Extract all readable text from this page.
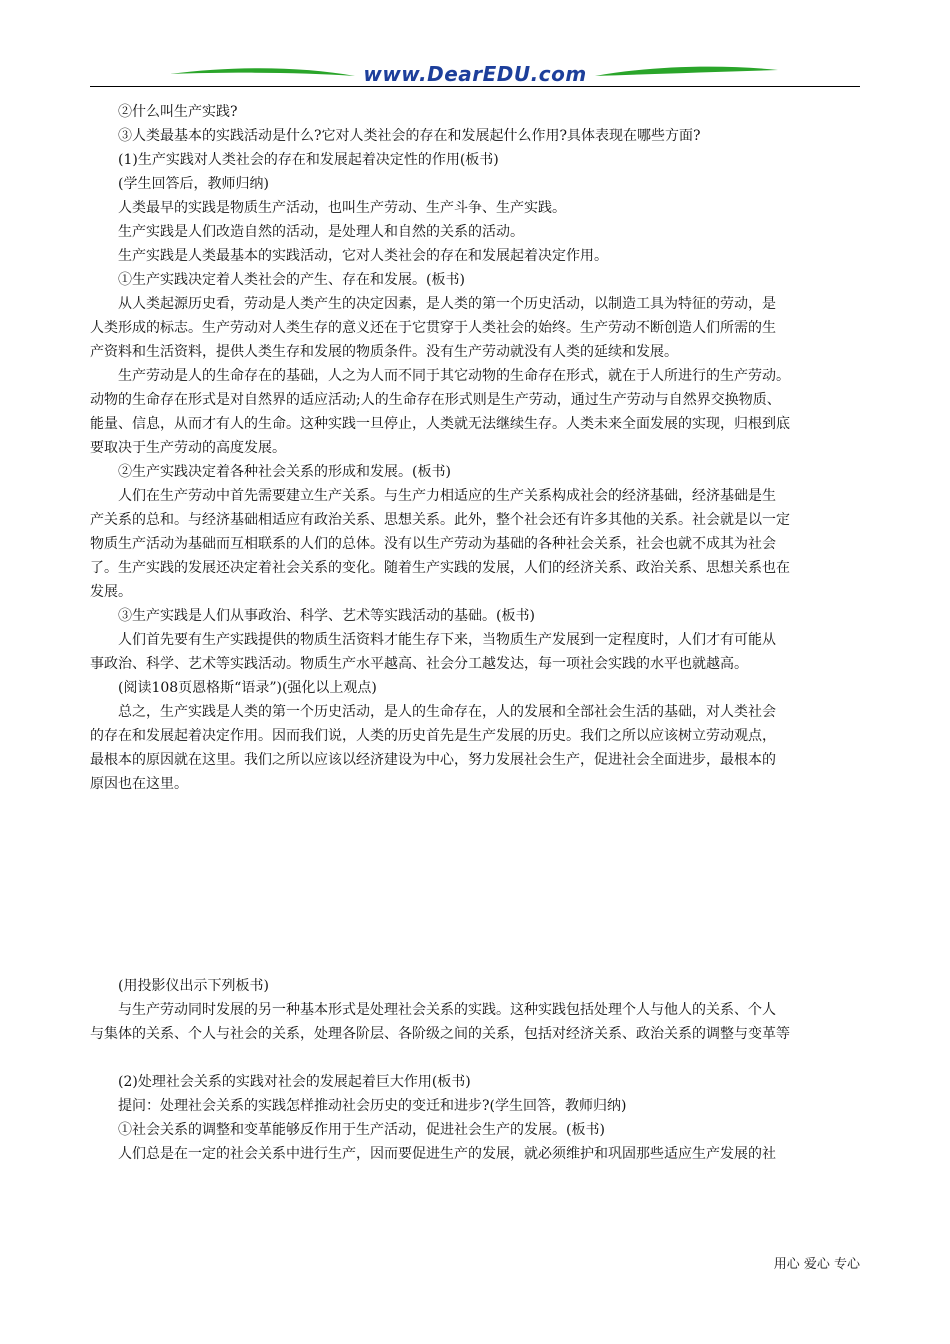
www.DearEDU.com

②什么叫生产实践?

③人类最基本的实践活动是什么?它对人类社会的存在和发展起什么作用?具体表现在哪些方面?

(1)生产实践对人类社会的存在和发展起着决定性的作用(板书)

(学生回答后，教师归纳)

人类最早的实践是物质生产活动，也叫生产劳动、生产斗争、生产实践。

生产实践是人们改造自然的活动，是处理人和自然的关系的活动。

生产实践是人类最基本的实践活动，它对人类社会的存在和发展起着决定作用。

①生产实践决定着人类社会的产生、存在和发展。(板书)

从人类起源历史看，劳动是人类产生的决定因素，是人类的第一个历史活动，以制造工具为特征的劳动，是

人类形成的标志。生产劳动对人类生存的意义还在于它贯穿于人类社会的始终。生产劳动不断创造人们所需的生

产资料和生活资料，提供人类生存和发展的物质条件。没有生产劳动就没有人类的延续和发展。

生产劳动是人的生命存在的基础，人之为人而不同于其它动物的生命存在形式，就在于人所进行的生产劳动。

动物的生命存在形式是对自然界的适应活动;人的生命存在形式则是生产劳动，通过生产劳动与自然界交换物质、

能量、信息，从而才有人的生命。这种实践一旦停止，人类就无法继续生存。人类未来全面发展的实现，归根到底

要取决于生产劳动的高度发展。

②生产实践决定着各种社会关系的形成和发展。(板书)

人们在生产劳动中首先需要建立生产关系。与生产力相适应的生产关系构成社会的经济基础，经济基础是生

产关系的总和。与经济基础相适应有政治关系、思想关系。此外，整个社会还有许多其他的关系。社会就是以一定

物质生产活动为基础而互相联系的人们的总体。没有以生产劳动为基础的各种社会关系，社会也就不成其为社会

了。生产实践的发展还决定着社会关系的变化。随着生产实践的发展，人们的经济关系、政治关系、思想关系也在

发展。

③生产实践是人们从事政治、科学、艺术等实践活动的基础。(板书)

人们首先要有生产实践提供的物质生活资料才能生存下来，当物质生产发展到一定程度时，人们才有可能从

事政治、科学、艺术等实践活动。物质生产水平越高、社会分工越发达，每一项社会实践的水平也就越高。

(阅读108页恩格斯“语录”)(强化以上观点)

总之，生产实践是人类的第一个历史活动，是人的生命存在，人的发展和全部社会生活的基础，对人类社会

的存在和发展起着决定作用。因而我们说，人类的历史首先是生产发展的历史。我们之所以应该树立劳动观点，

最根本的原因就在这里。我们之所以应该以经济建设为中心，努力发展社会生产，促进社会全面进步，最根本的

原因也在这里。

(用投影仪出示下列板书)

与生产劳动同时发展的另一种基本形式是处理社会关系的实践。这种实践包括处理个人与他人的关系、个人

与集体的关系、个人与社会的关系，处理各阶层、各阶级之间的关系，包括对经济关系、政治关系的调整与变革等

(2)处理社会关系的实践对社会的发展起着巨大作用(板书)

提问：处理社会关系的实践怎样推动社会历史的变迁和进步?(学生回答，教师归纳)

①社会关系的调整和变革能够反作用于生产活动，促进社会生产的发展。(板书)

人们总是在一定的社会关系中进行生产，因而要促进生产的发展，就必须维护和巩固那些适应生产发展的社

用心 爱心 专心
